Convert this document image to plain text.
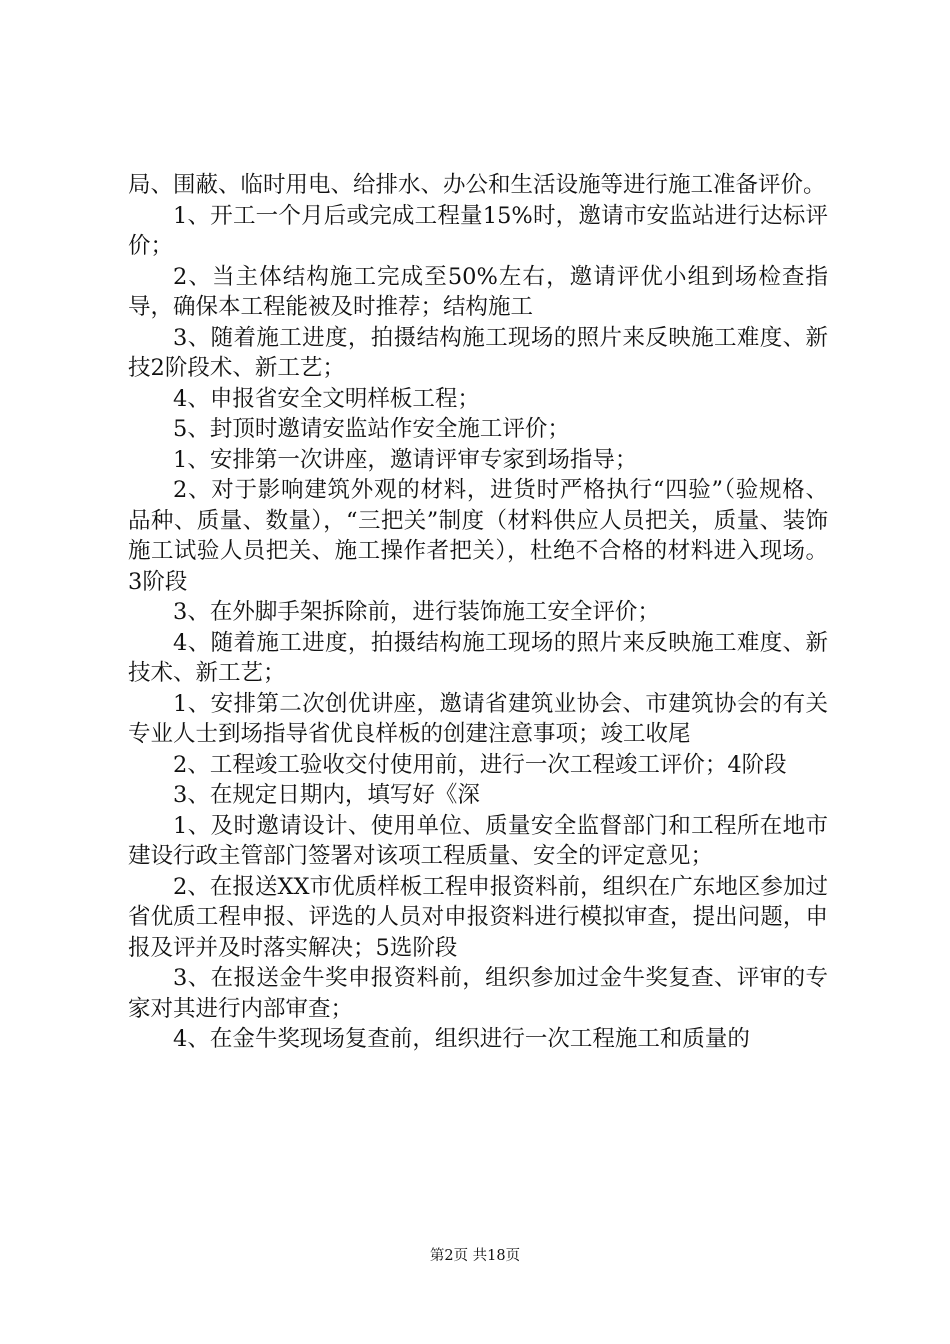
局、围蔽、临时用电、给排水、办公和生活设施等进行施工准备评价。

1、开工一个月后或完成工程量15%时，邀请市安监站进行达标评价；

2、当主体结构施工完成至50%左右，邀请评优小组到场检查指导，确保本工程能被及时推荐；结构施工

3、随着施工进度，拍摄结构施工现场的照片来反映施工难度、新技2阶段术、新工艺；

4、申报省安全文明样板工程；

5、封顶时邀请安监站作安全施工评价；

1、安排第一次讲座，邀请评审专家到场指导；

2、对于影响建筑外观的材料，进货时严格执行“四验”（验规格、品种、质量、数量），“三把关”制度（材料供应人员把关，质量、装饰施工试验人员把关、施工操作者把关），杜绝不合格的材料进入现场。3阶段

3、在外脚手架拆除前，进行装饰施工安全评价；

4、随着施工进度，拍摄结构施工现场的照片来反映施工难度、新技术、新工艺；

1、安排第二次创优讲座，邀请省建筑业协会、市建筑协会的有关专业人士到场指导省优良样板的创建注意事项；竣工收尾

2、工程竣工验收交付使用前，进行一次工程竣工评价；4阶段

3、在规定日期内，填写好《深

1、及时邀请设计、使用单位、质量安全监督部门和工程所在地市建设行政主管部门签署对该项工程质量、安全的评定意见；

2、在报送XX市优质样板工程申报资料前，组织在广东地区参加过省优质工程申报、评选的人员对申报资料进行模拟审查，提出问题，申报及评并及时落实解决；5选阶段

3、在报送金牛奖申报资料前，组织参加过金牛奖复查、评审的专家对其进行内部审查；

4、在金牛奖现场复查前，组织进行一次工程施工和质量的

第2页 共18页
